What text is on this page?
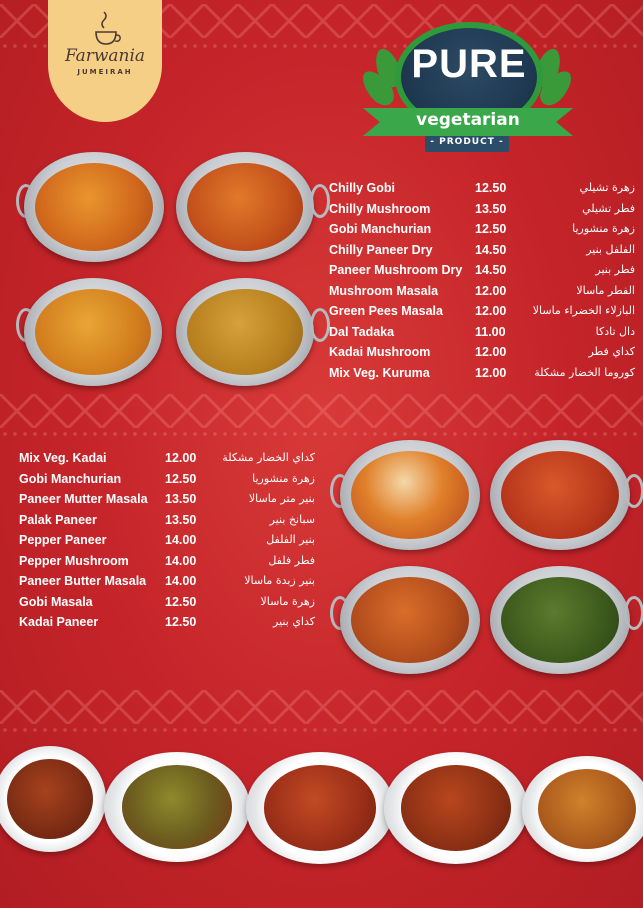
Farwania
JUMEIRAH	PURE
vegetarian
- PRODUCT -
Chilly Gobi	12.50	زهرة تشيلي
Chilly Mushroom	13.50	فطر تشيلي
Gobi Manchurian	12.50	زهرة منشوريا
Chilly Paneer Dry	14.50	الفلفل بنير
Paneer Mushroom Dry 14.50	فطر بنير
Mushroom Masala	12.00	الفطر ماسالا
Green Pees Masala	12.00 البازلاء الخضراء ماسالا
Dal Tadaka	11.00	دال تادكا
Kadai Mushroom	12.00	كداي فطر
Mix Veg. Kuruma	12.00	كوروما الخضار مشكلة
Mix Veg. Kadai	12.00 كداي الخضار مشكلة
Gobi Manchurian	12.50	زهرة منشوريا
Paneer Mutter Masala 13.50	بنير متر ماسالا
Palak Paneer	13.50	سبانخ بنير
Pepper Paneer	14.00	بنير الفلفل
Pepper Mushroom	14.00	فطر فلفل
Paneer Butter Masala 14.00	بنير زبدة ماسالا
Gobi Masala	12.50	زهرة ماسالا
Kadai Paneer	12.50	كداي بنير
